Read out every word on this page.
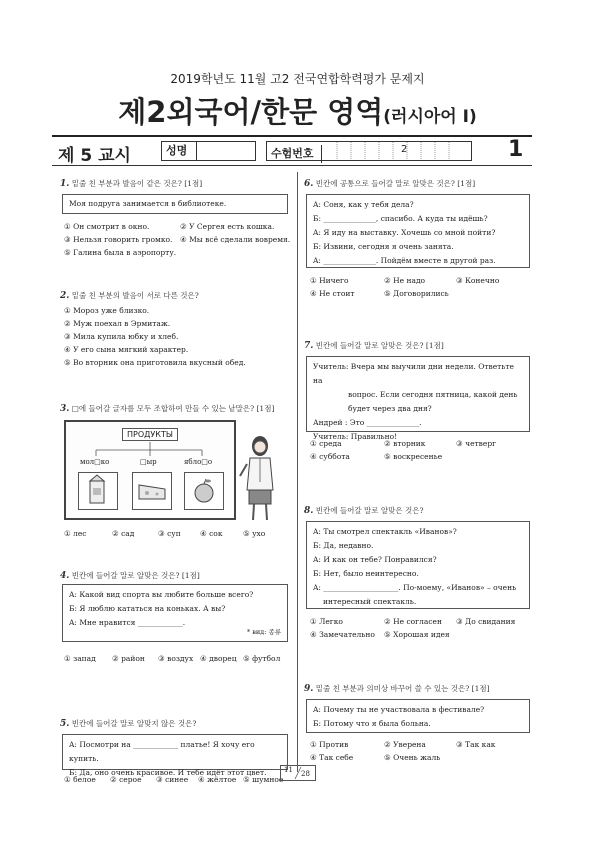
2019학년도 11월 고2 전국연합학력평가 문제지
제2외국어/한문 영역(러시아어 Ⅰ)
제 5 교시	성명	수험번호	2	1
1. 밑줄 친 부분과 발음이 같은 것은? [1점]
Моя подруга занимается в библиотеке.
① Он смотрит в окно.	② У Сергея есть кошка.
③ Нельзя говорить громко. ④ Мы всё сделали вовремя.
⑤ Галина была в аэропорту.
2. 밑줄 친 부분의 발음이 서로 다른 것은?
① Мороз уже близко.
② Муж поехал в Эрмитаж.
③ Мила купила юбку и хлеб.
④ У его сына мягкий характер.
⑤ Во вторник она приготовила вкусный обед.
3. □에 들어갈 글자를 모두 조합하여 만들 수 있는 낱말은? [1점]
ПРОДУКТЫ
мол□ко	□ыр	ябло□о
① лес	② сад	③ суп	④ сок	⑤ ухо
4. 빈칸에 들어갈 말로 알맞은 것은? [1점]
A: Какой вид спорта вы любите больше всего?
Б: Я люблю кататься на коньках. А вы?
A: Мне нравится ____________.
* вид: 종류
① запад ② район ③ воздух ④ дворец ⑤ футбол
5. 빈칸에 들어갈 말로 알맞지 않은 것은?
A: Посмотри на ____________ платье! Я хочу его купить.
Б: Да, оно очень красивое. И тебе идёт этот цвет.
① белое ② серое ③ синее ④ жёлтое ⑤ шумное
6. 빈칸에 공통으로 들어갈 말로 알맞은 것은? [1점]
A: Соня, как у тебя дела?
Б: ______________, спасибо. А куда ты идёшь?
A: Я иду на выставку. Хочешь со мной пойти?
Б: Извини, сегодня я очень занята.
A: ______________. Пойдём вместе в другой раз.
① Ничего	② Не надо	③ Конечно
④ Не стоит	⑤ Договорились
7. 빈칸에 들어갈 말로 알맞은 것은? [1점]
Учитель: Вчера мы выучили дни недели. Ответьте на
вопрос. Если сегодня пятница, какой день
будет через два дня?
Андрей : Это ______________.
Учитель: Правильно!
① среда	② вторник	③ четверг
④ суббота	⑤ воскресенье
8. 빈칸에 들어갈 말로 알맞은 것은?
A: Ты смотрел спектакль «Иванов»?
Б: Да, недавно.
A: И как он тебе? Понравился?
Б: Нет, было неинтересно.
A: ____________________. По-моему, «Иванов» – очень
интересный спектакль.
① Легко	② Не согласен ③ До свидания
④ Замечательно ⑤ Хорошая идея
9. 밑줄 친 부분과 의미상 바꾸어 쓸 수 있는 것은? [1점]
A: Почему ты не участвовала в фестивале?
Б: Потому что я была больна.
① Против	② Уверена	③ Так как
④ Так себе	⑤ Очень жаль
11 28
